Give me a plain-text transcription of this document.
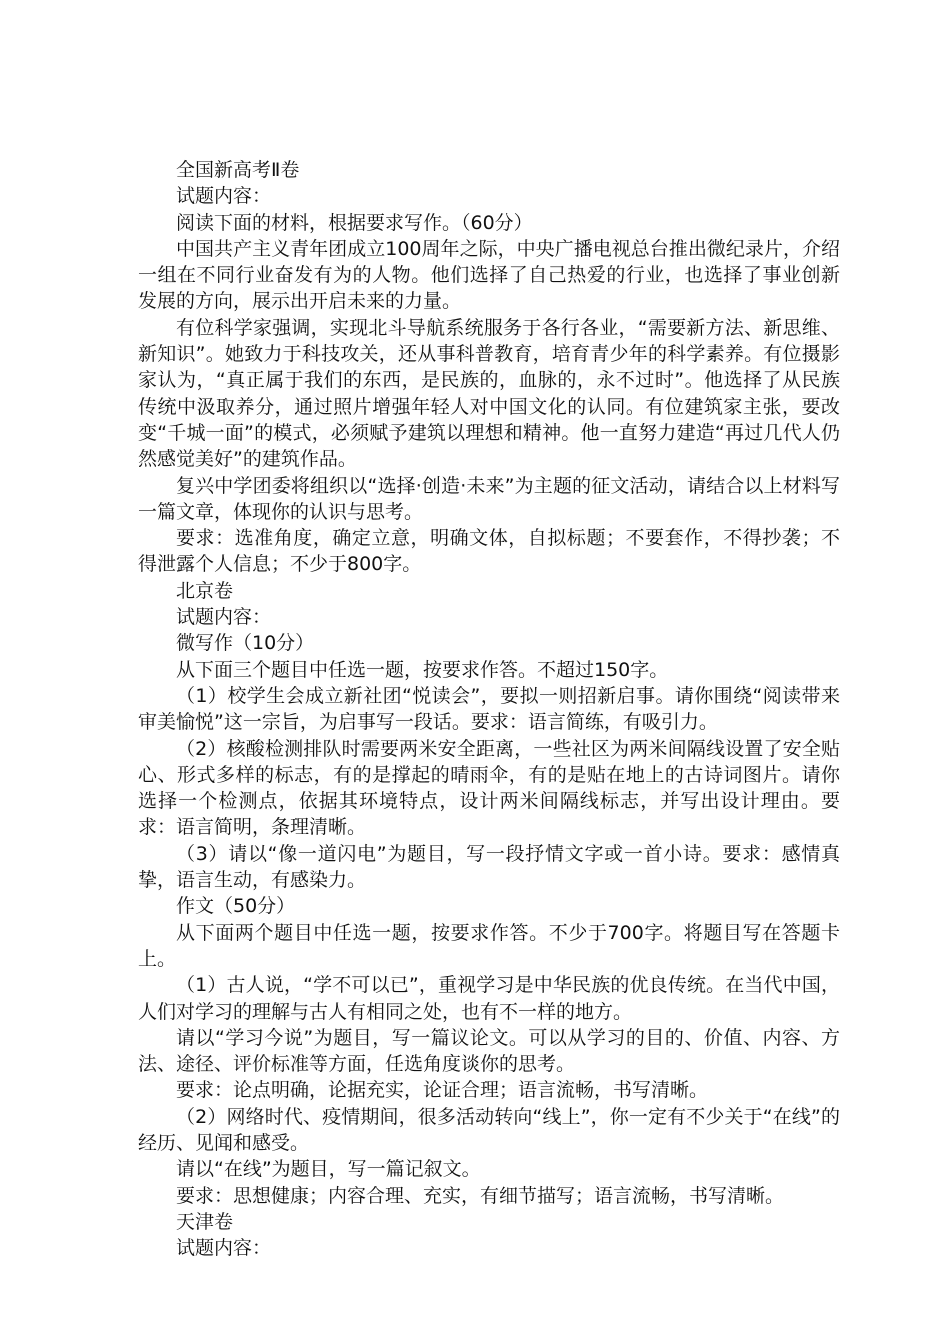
全国新高考Ⅱ卷

试题内容：

阅读下面的材料，根据要求写作。（60分）

中国共产主义青年团成立100周年之际，中央广播电视总台推出微纪录片，介绍一组在不同行业奋发有为的人物。他们选择了自己热爱的行业，也选择了事业创新发展的方向，展示出开启未来的力量。

有位科学家强调，实现北斗导航系统服务于各行各业，“需要新方法、新思维、新知识”。她致力于科技攻关，还从事科普教育，培育青少年的科学素养。有位摄影家认为，“真正属于我们的东西，是民族的，血脉的，永不过时”。他选择了从民族传统中汲取养分，通过照片增强年轻人对中国文化的认同。有位建筑家主张，要改变“千城一面”的模式，必须赋予建筑以理想和精神。他一直努力建造“再过几代人仍然感觉美好”的建筑作品。

复兴中学团委将组织以“选择·创造·未来”为主题的征文活动，请结合以上材料写一篇文章，体现你的认识与思考。

要求：选准角度，确定立意，明确文体，自拟标题；不要套作，不得抄袭；不得泄露个人信息；不少于800字。

北京卷

试题内容：

微写作（10分）

从下面三个题目中任选一题，按要求作答。不超过150字。

（1）校学生会成立新社团“悦读会”，要拟一则招新启事。请你围绕“阅读带来审美愉悦”这一宗旨，为启事写一段话。要求：语言简练，有吸引力。

（2）核酸检测排队时需要两米安全距离，一些社区为两米间隔线设置了安全贴心、形式多样的标志，有的是撑起的晴雨伞，有的是贴在地上的古诗词图片。请你选择一个检测点，依据其环境特点，设计两米间隔线标志，并写出设计理由。要求：语言简明，条理清晰。

（3）请以“像一道闪电”为题目，写一段抒情文字或一首小诗。要求：感情真挚，语言生动，有感染力。

作文（50分）

从下面两个题目中任选一题，按要求作答。不少于700字。将题目写在答题卡上。

（1）古人说，“学不可以已”，重视学习是中华民族的优良传统。在当代中国，人们对学习的理解与古人有相同之处，也有不一样的地方。

请以“学习今说”为题目，写一篇议论文。可以从学习的目的、价值、内容、方法、途径、评价标准等方面，任选角度谈你的思考。

要求：论点明确，论据充实，论证合理；语言流畅，书写清晰。

（2）网络时代、疫情期间，很多活动转向“线上”，你一定有不少关于“在线”的经历、见闻和感受。

请以“在线”为题目，写一篇记叙文。

要求：思想健康；内容合理、充实，有细节描写；语言流畅，书写清晰。

天津卷

试题内容：
